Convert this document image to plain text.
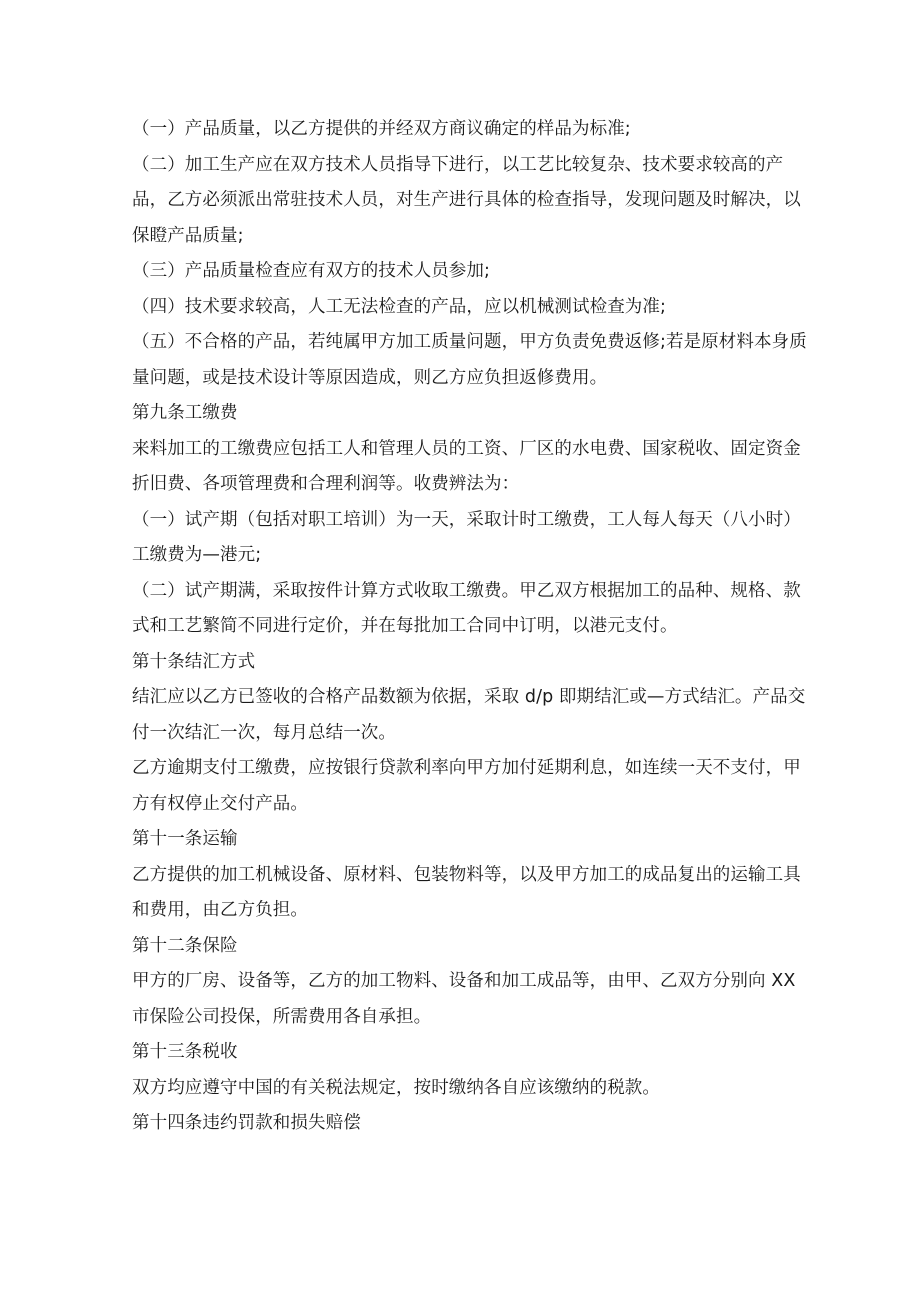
（一）产品质量，以乙方提供的并经双方商议确定的样品为标准;
（二）加工生产应在双方技术人员指导下进行，以工艺比较复杂、技术要求较高的产
品，乙方必须派出常驻技术人员，对生产进行具体的检查指导，发现问题及时解决，以
保瞪产品质量;
（三）产品质量检查应有双方的技术人员参加;
（四）技术要求较高，人工无法检查的产品，应以机械测试检查为准;
（五）不合格的产品，若纯属甲方加工质量问题，甲方负责免费返修;若是原材料本身质
量问题，或是技术设计等原因造成，则乙方应负担返修费用。
第九条工缴费
来料加工的工缴费应包括工人和管理人员的工资、厂区的水电费、国家税收、固定资金
折旧费、各项管理费和合理利润等。收费辨法为：
（一）试产期（包括对职工培训）为一天，采取计时工缴费，工人每人每天（八小时）
工缴费为—港元;
（二）试产期满，采取按件计算方式收取工缴费。甲乙双方根据加工的品种、规格、款
式和工艺繁简不同进行定价，并在每批加工合同中订明，以港元支付。
第十条结汇方式
结汇应以乙方已签收的合格产品数额为依据，采取 d/p 即期结汇或—方式结汇。产品交
付一次结汇一次，每月总结一次。
乙方逾期支付工缴费，应按银行贷款利率向甲方加付延期利息，如连续一天不支付，甲
方有权停止交付产品。
第十一条运输
乙方提供的加工机械设备、原材料、包装物料等，以及甲方加工的成品复出的运输工具
和费用，由乙方负担。
第十二条保险
甲方的厂房、设备等，乙方的加工物料、设备和加工成品等，由甲、乙双方分别向 XX
市保险公司投保，所需费用各自承担。
第十三条税收
双方均应遵守中国的有关税法规定，按时缴纳各自应该缴纳的税款。
第十四条违约罚款和损失赔偿
